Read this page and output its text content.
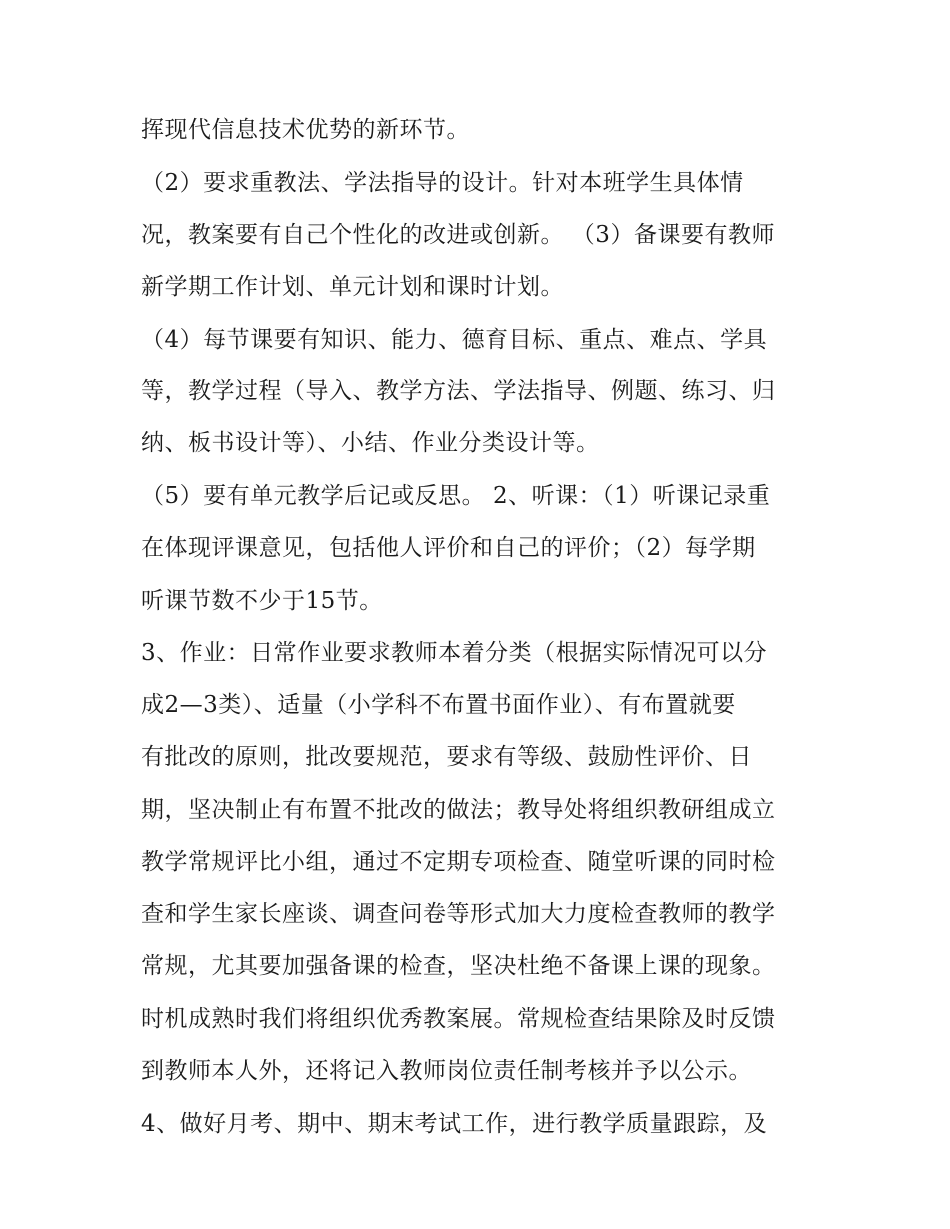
挥现代信息技术优势的新环节。
（2）要求重教法、学法指导的设计。针对本班学生具体情
况，教案要有自己个性化的改进或创新。 （3）备课要有教师
新学期工作计划、单元计划和课时计划。
（4）每节课要有知识、能力、德育目标、重点、难点、学具
等，教学过程（导入、教学方法、学法指导、例题、练习、归
纳、板书设计等）、小结、作业分类设计等。
（5）要有单元教学后记或反思。 2、听课：（1）听课记录重
在体现评课意见，包括他人评价和自己的评价；（2）每学期
听课节数不少于15节。
3、作业：日常作业要求教师本着分类（根据实际情况可以分
成2—3类）、适量（小学科不布置书面作业）、有布置就要
有批改的原则，批改要规范，要求有等级、鼓励性评价、日
期，坚决制止有布置不批改的做法；教导处将组织教研组成立
教学常规评比小组，通过不定期专项检查、随堂听课的同时检
查和学生家长座谈、调查问卷等形式加大力度检查教师的教学
常规，尤其要加强备课的检查，坚决杜绝不备课上课的现象。
时机成熟时我们将组织优秀教案展。常规检查结果除及时反馈
到教师本人外，还将记入教师岗位责任制考核并予以公示。
4、做好月考、期中、期末考试工作，进行教学质量跟踪，及
